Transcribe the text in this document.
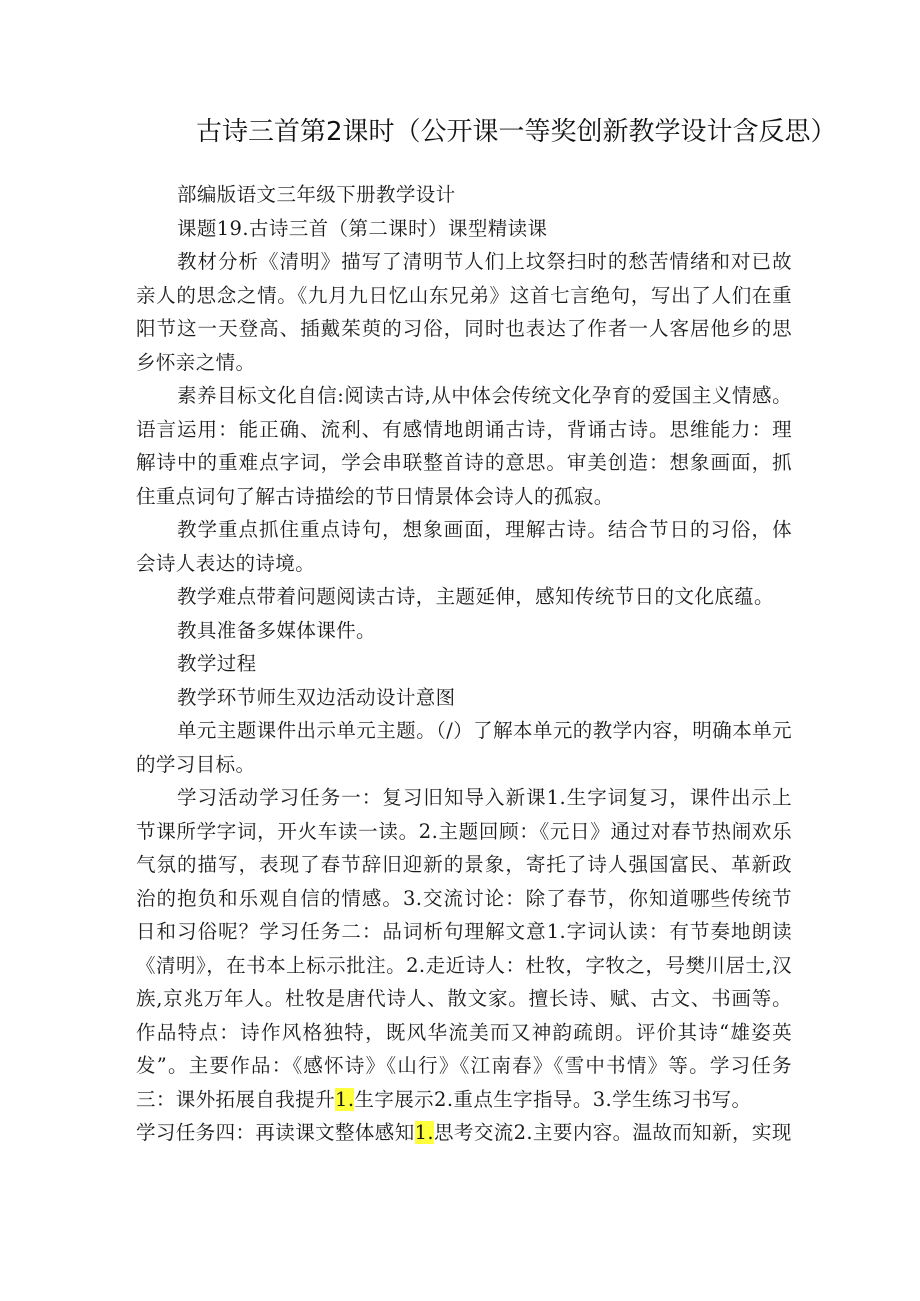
古诗三首第2课时（公开课一等奖创新教学设计含反思）

部编版语文三年级下册教学设计

课题19.古诗三首（第二课时）课型精读课

教材分析《清明》描写了清明节人们上坟祭扫时的愁苦情绪和对已故亲人的思念之情。《九月九日忆山东兄弟》这首七言绝句，写出了人们在重阳节这一天登高、插戴茱萸的习俗，同时也表达了作者一人客居他乡的思乡怀亲之情。

素养目标文化自信:阅读古诗,从中体会传统文化孕育的爱国主义情感。语言运用：能正确、流利、有感情地朗诵古诗，背诵古诗。思维能力：理解诗中的重难点字词，学会串联整首诗的意思。审美创造：想象画面，抓住重点词句了解古诗描绘的节日情景体会诗人的孤寂。

教学重点抓住重点诗句，想象画面，理解古诗。结合节日的习俗，体会诗人表达的诗境。

教学难点带着问题阅读古诗，主题延伸，感知传统节日的文化底蕴。

教具准备多媒体课件。

教学过程

教学环节师生双边活动设计意图

单元主题课件出示单元主题。（/）了解本单元的教学内容，明确本单元的学习目标。

学习活动学习任务一：复习旧知导入新课1.生字词复习，课件出示上节课所学字词，开火车读一读。2.主题回顾：《元日》通过对春节热闹欢乐气氛的描写，表现了春节辞旧迎新的景象，寄托了诗人强国富民、革新政治的抱负和乐观自信的情感。3.交流讨论：除了春节，你知道哪些传统节日和习俗呢？学习任务二：品词析句理解文意1.字词认读：有节奏地朗读《清明》，在书本上标示批注。2.走近诗人：杜牧，字牧之，号樊川居士,汉族,京兆万年人。杜牧是唐代诗人、散文家。擅长诗、赋、古文、书画等。作品特点：诗作风格独特，既风华流美而又神韵疏朗。评价其诗“雄姿英发”。主要作品：《感怀诗》《山行》《江南春》《雪中书情》等。学习任务三：课外拓展自我提升1.生字展示2.重点生字指导。3.学生练习书写。

学习任务四：再读课文整体感知1.思考交流2.主要内容。温故而知新，实现
